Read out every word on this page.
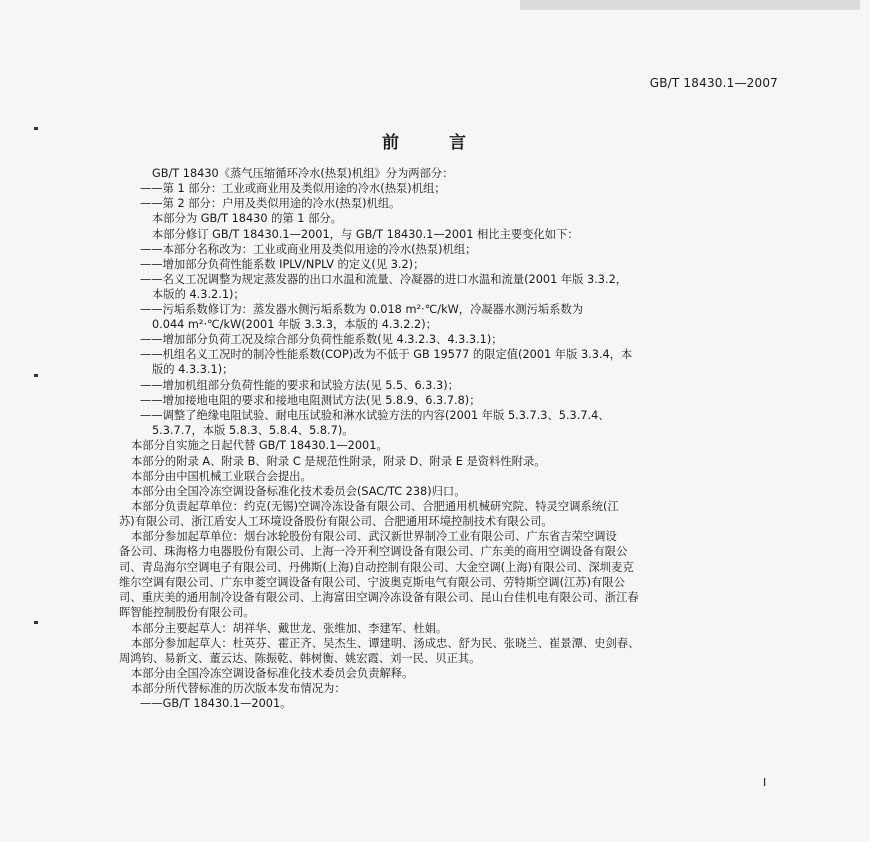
GB/T 18430.1—2007
前 言
GB/T 18430《蒸气压缩循环冷水(热泵)机组》分为两部分：
——第 1 部分：工业或商业用及类似用途的冷水(热泵)机组；
——第 2 部分：户用及类似用途的冷水(热泵)机组。
本部分为 GB/T 18430 的第 1 部分。
本部分修订 GB/T 18430.1—2001，与 GB/T 18430.1—2001 相比主要变化如下：
——本部分名称改为：工业或商业用及类似用途的冷水(热泵)机组；
——增加部分负荷性能系数 IPLV/NPLV 的定义(见 3.2)；
——名义工况调整为规定蒸发器的出口水温和流量、冷凝器的进口水温和流量(2001 年版 3.3.2，
本版的 4.3.2.1)；
——污垢系数修订为：蒸发器水侧污垢系数为 0.018 m²·℃/kW，冷凝器水测污垢系数为
0.044 m²·℃/kW(2001 年版 3.3.3，本版的 4.3.2.2)；
——增加部分负荷工况及综合部分负荷性能系数(见 4.3.2.3、4.3.3.1)；
——机组名义工况时的制冷性能系数(COP)改为不低于 GB 19577 的限定值(2001 年版 3.3.4，本
版的 4.3.3.1)；
——增加机组部分负荷性能的要求和试验方法(见 5.5、6.3.3)；
——增加接地电阻的要求和接地电阻测试方法(见 5.8.9、6.3.7.8)；
——调整了绝缘电阻试验、耐电压试验和淋水试验方法的内容(2001 年版 5.3.7.3、5.3.7.4、
5.3.7.7，本版 5.8.3、5.8.4、5.8.7)。
本部分自实施之日起代替 GB/T 18430.1—2001。
本部分的附录 A、附录 B、附录 C 是规范性附录，附录 D、附录 E 是资料性附录。
本部分由中国机械工业联合会提出。
本部分由全国冷冻空调设备标准化技术委员会(SAC/TC 238)归口。
本部分负责起草单位：约克(无锡)空调冷冻设备有限公司、合肥通用机械研究院、特灵空调系统(江
苏)有限公司、浙江盾安人工环境设备股份有限公司、合肥通用环境控制技术有限公司。
本部分参加起草单位：烟台冰轮股份有限公司、武汉新世界制冷工业有限公司、广东省吉荣空调设
备公司、珠海格力电器股份有限公司、上海一冷开利空调设备有限公司、广东美的商用空调设备有限公
司、青岛海尔空调电子有限公司、丹佛斯(上海)自动控制有限公司、大金空调(上海)有限公司、深圳麦克
维尔空调有限公司、广东申菱空调设备有限公司、宁波奥克斯电气有限公司、劳特斯空调(江苏)有限公
司、重庆美的通用制冷设备有限公司、上海富田空调冷冻设备有限公司、昆山台佳机电有限公司、浙江春
晖智能控制股份有限公司。
本部分主要起草人：胡祥华、戴世龙、张维加、李建军、杜娟。
本部分参加起草人：杜英芬、霍正齐、吴杰生、谭建明、汤成忠、舒为民、张晓兰、崔景潭、史剑春、
周鸿钧、易新文、董云达、陈振乾、韩树衡、姚宏霞、刘一民、贝正其。
本部分由全国冷冻空调设备标准化技术委员会负责解释。
本部分所代替标准的历次版本发布情况为：
——GB/T 18430.1—2001。
I
